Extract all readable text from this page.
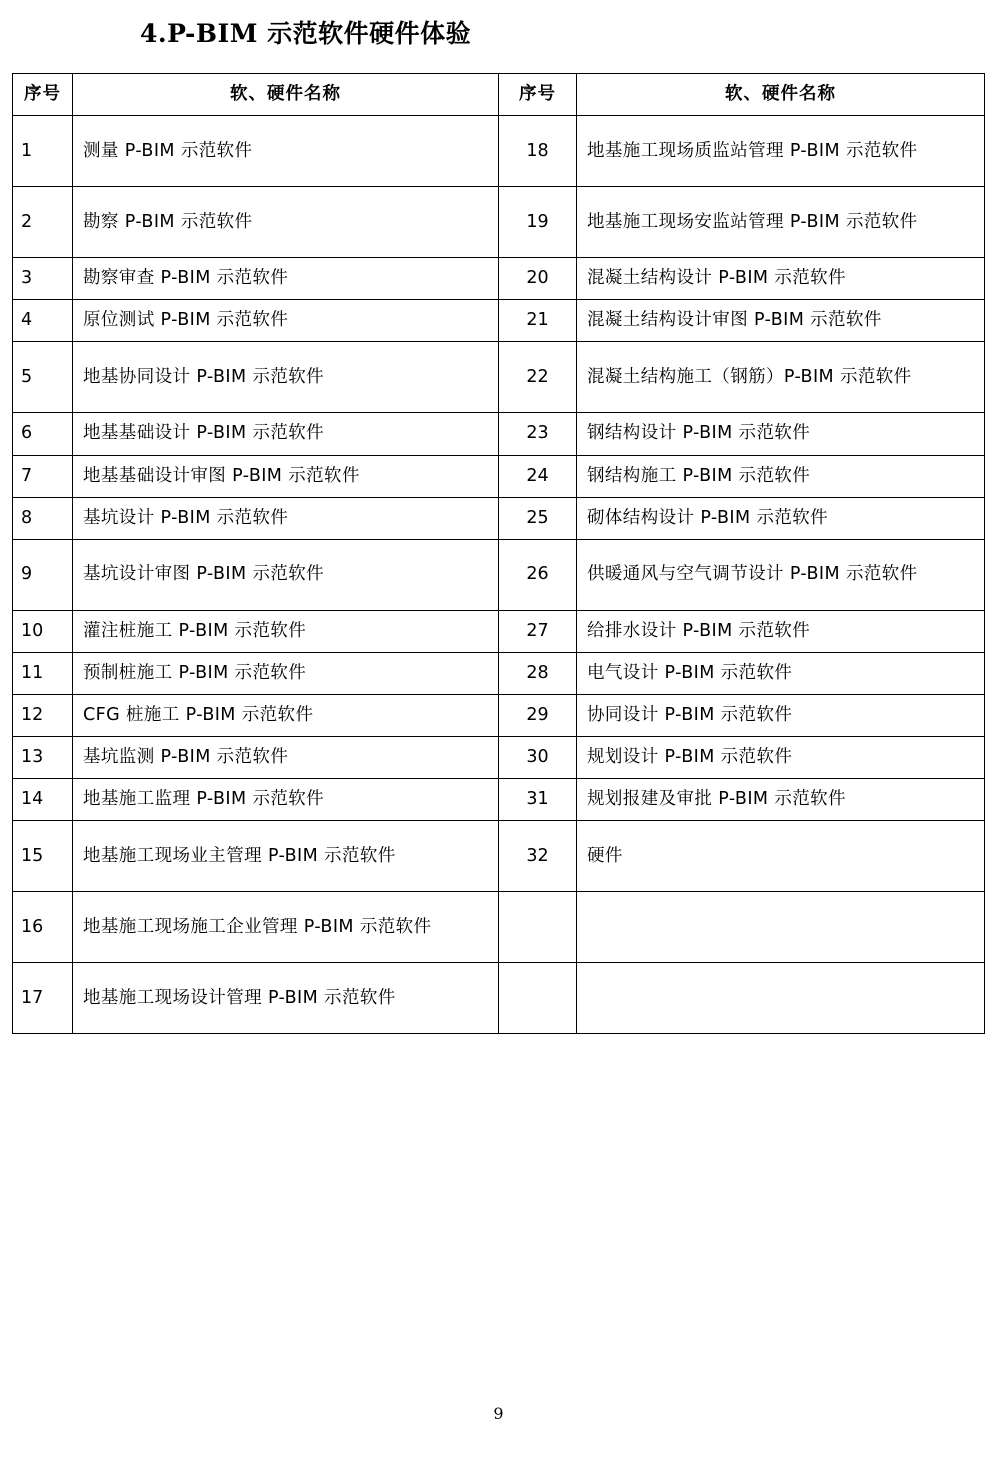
4.P-BIM 示范软件硬件体验
序号	软、硬件名称	序号	软、硬件名称
1	测量 P-BIM 示范软件	18	地基施工现场质监站管理 P-BIM 示范软件
2	勘察 P-BIM 示范软件	19	地基施工现场安监站管理 P-BIM 示范软件
3	勘察审查 P-BIM 示范软件	20	混凝土结构设计 P-BIM 示范软件
4	原位测试 P-BIM 示范软件	21	混凝土结构设计审图 P-BIM 示范软件
5	地基协同设计 P-BIM 示范软件	22	混凝土结构施工（钢筋）P-BIM 示范软件
6	地基基础设计 P-BIM 示范软件	23	钢结构设计 P-BIM 示范软件
7	地基基础设计审图 P-BIM 示范软件	24	钢结构施工 P-BIM 示范软件
8	基坑设计 P-BIM 示范软件	25	砌体结构设计 P-BIM 示范软件
9	基坑设计审图 P-BIM 示范软件	26	供暖通风与空气调节设计 P-BIM 示范软件
10	灌注桩施工 P-BIM 示范软件	27	给排水设计 P-BIM 示范软件
11	预制桩施工 P-BIM 示范软件	28	电气设计 P-BIM 示范软件
12	CFG 桩施工 P-BIM 示范软件	29	协同设计 P-BIM 示范软件
13	基坑监测 P-BIM 示范软件	30	规划设计 P-BIM 示范软件
14	地基施工监理 P-BIM 示范软件	31	规划报建及审批 P-BIM 示范软件
15	地基施工现场业主管理 P-BIM 示范软件	32	硬件
16	地基施工现场施工企业管理 P-BIM 示范软件		
17	地基施工现场设计管理 P-BIM 示范软件		
9
